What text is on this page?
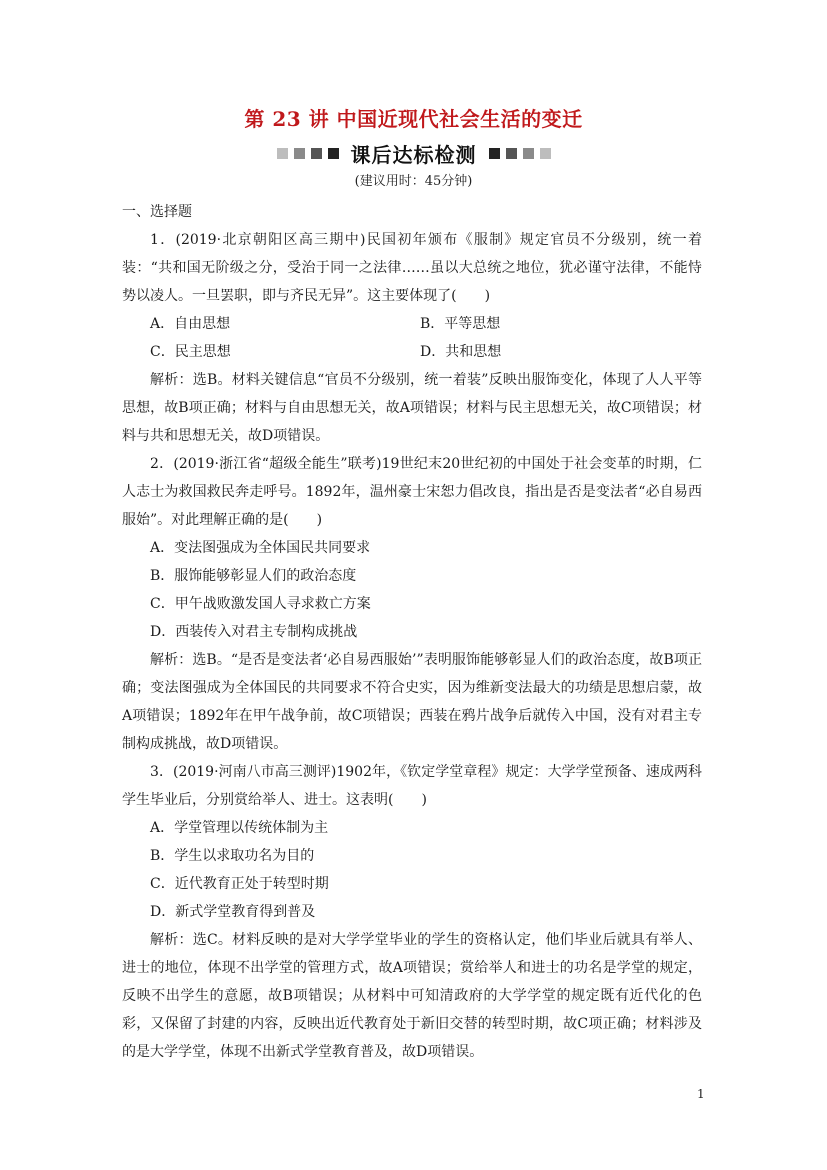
第 23 讲 中国近现代社会生活的变迁
课后达标检测
(建议用时：45分钟)

一、选择题

1．(2019·北京朝阳区高三期中)民国初年颁布《服制》规定官员不分级别，统一着装：“共和国无阶级之分，受治于同一之法律……虽以大总统之地位，犹必谨守法律，不能恃势以凌人。一旦罢职，即与齐民无异”。这主要体现了(　　)

A．自由思想	B．平等思想
C．民主思想	D．共和思想

解析：选B。材料关键信息“官员不分级别，统一着装”反映出服饰变化，体现了人人平等思想，故B项正确；材料与自由思想无关，故A项错误；材料与民主思想无关，故C项错误；材料与共和思想无关，故D项错误。

2．(2019·浙江省“超级全能生”联考)19世纪末20世纪初的中国处于社会变革的时期，仁人志士为救国救民奔走呼号。1892年，温州豪士宋恕力倡改良，指出是否是变法者“必自易西服始”。对此理解正确的是(　　)

A．变法图强成为全体国民共同要求

B．服饰能够彰显人们的政治态度

C．甲午战败激发国人寻求救亡方案

D．西装传入对君主专制构成挑战

解析：选B。“是否是变法者‘必自易西服始’”表明服饰能够彰显人们的政治态度，故B项正确；变法图强成为全体国民的共同要求不符合史实，因为维新变法最大的功绩是思想启蒙，故A项错误；1892年在甲午战争前，故C项错误；西装在鸦片战争后就传入中国，没有对君主专制构成挑战，故D项错误。

3．(2019·河南八市高三测评)1902年，《钦定学堂章程》规定：大学学堂预备、速成两科学生毕业后，分别赏给举人、进士。这表明(　　)

A．学堂管理以传统体制为主

B．学生以求取功名为目的

C．近代教育正处于转型时期

D．新式学堂教育得到普及

解析：选C。材料反映的是对大学学堂毕业的学生的资格认定，他们毕业后就具有举人、进士的地位，体现不出学堂的管理方式，故A项错误；赏给举人和进士的功名是学堂的规定，反映不出学生的意愿，故B项错误；从材料中可知清政府的大学学堂的规定既有近代化的色彩，又保留了封建的内容，反映出近代教育处于新旧交替的转型时期，故C项正确；材料涉及的是大学学堂，体现不出新式学堂教育普及，故D项错误。

1
